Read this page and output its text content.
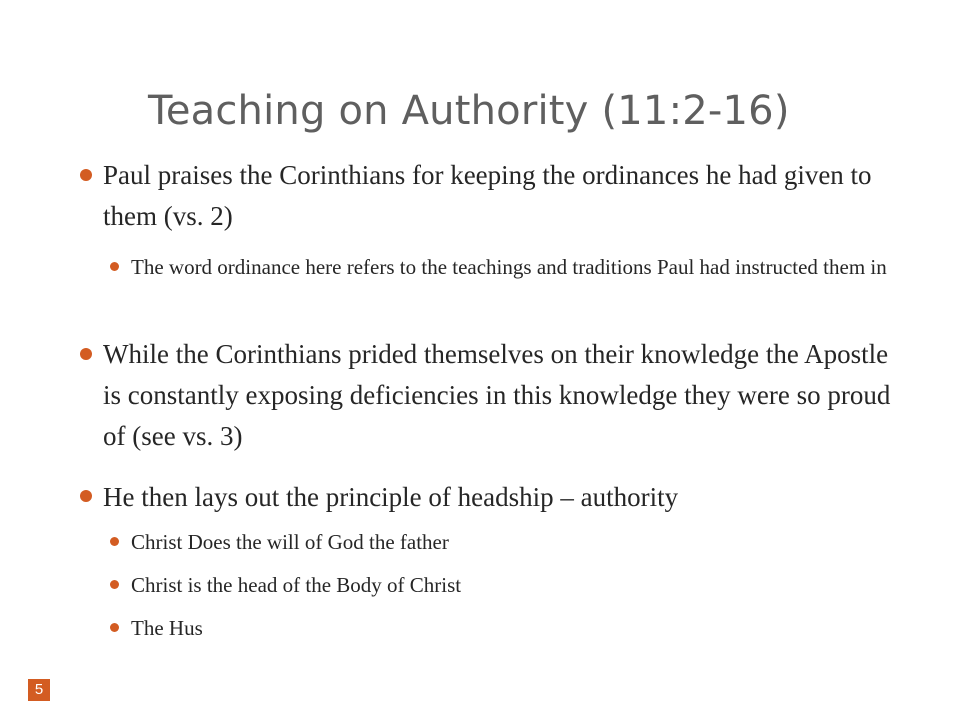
Teaching on Authority (11:2-16)
Paul praises the Corinthians for keeping the ordinances he had given to them (vs. 2)
The word ordinance here refers to the teachings and traditions Paul had instructed them in
While the Corinthians prided themselves on their knowledge the Apostle is constantly exposing deficiencies in this knowledge they were so proud of (see vs. 3)
He then lays out the principle of headship – authority
Christ Does the will of God the father
Christ is the head of the Body of Christ
The Hus
5
